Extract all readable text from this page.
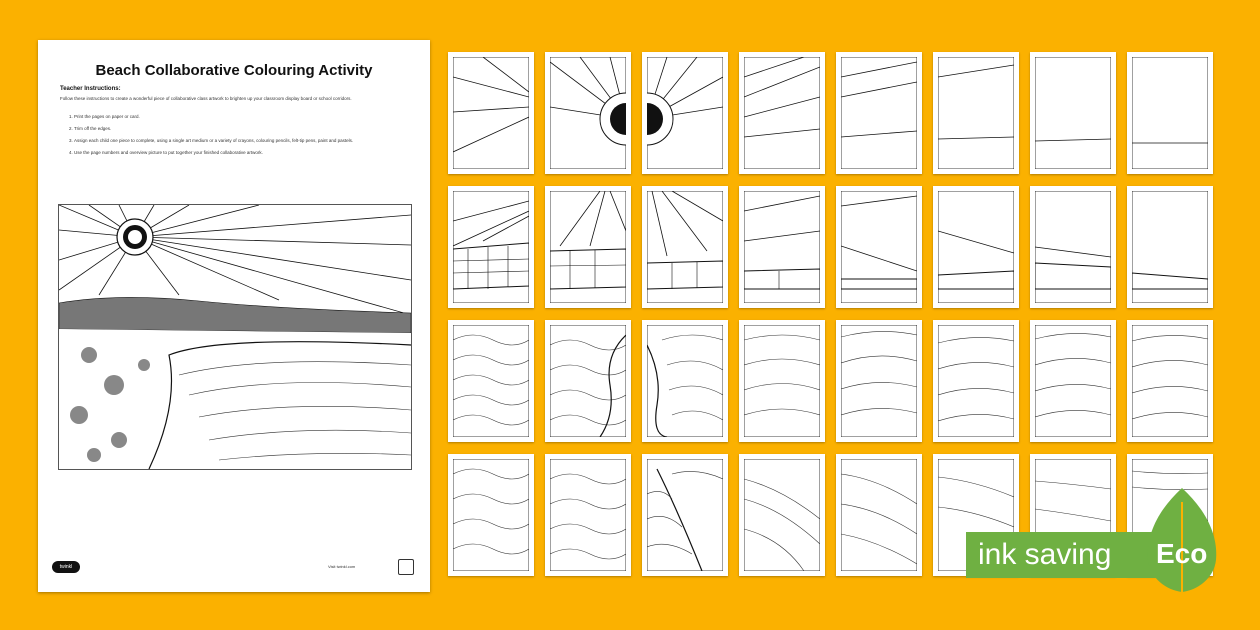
Beach Collaborative Colouring Activity
Teacher Instructions:
Follow these instructions to create a wonderful piece of collaborative class artwork to brighten up your classroom display board or school corridors.
1. Print the pages on paper or card.
2. Trim off the edges.
3. Assign each child one piece to complete, using a single art medium or a variety of crayons, colouring pencils, felt-tip pens, paint and pastels.
4. Use the page numbers and overview picture to put together your finished collaborative artwork.
twinkl	Visit twinkl.com	ink saving Eco
